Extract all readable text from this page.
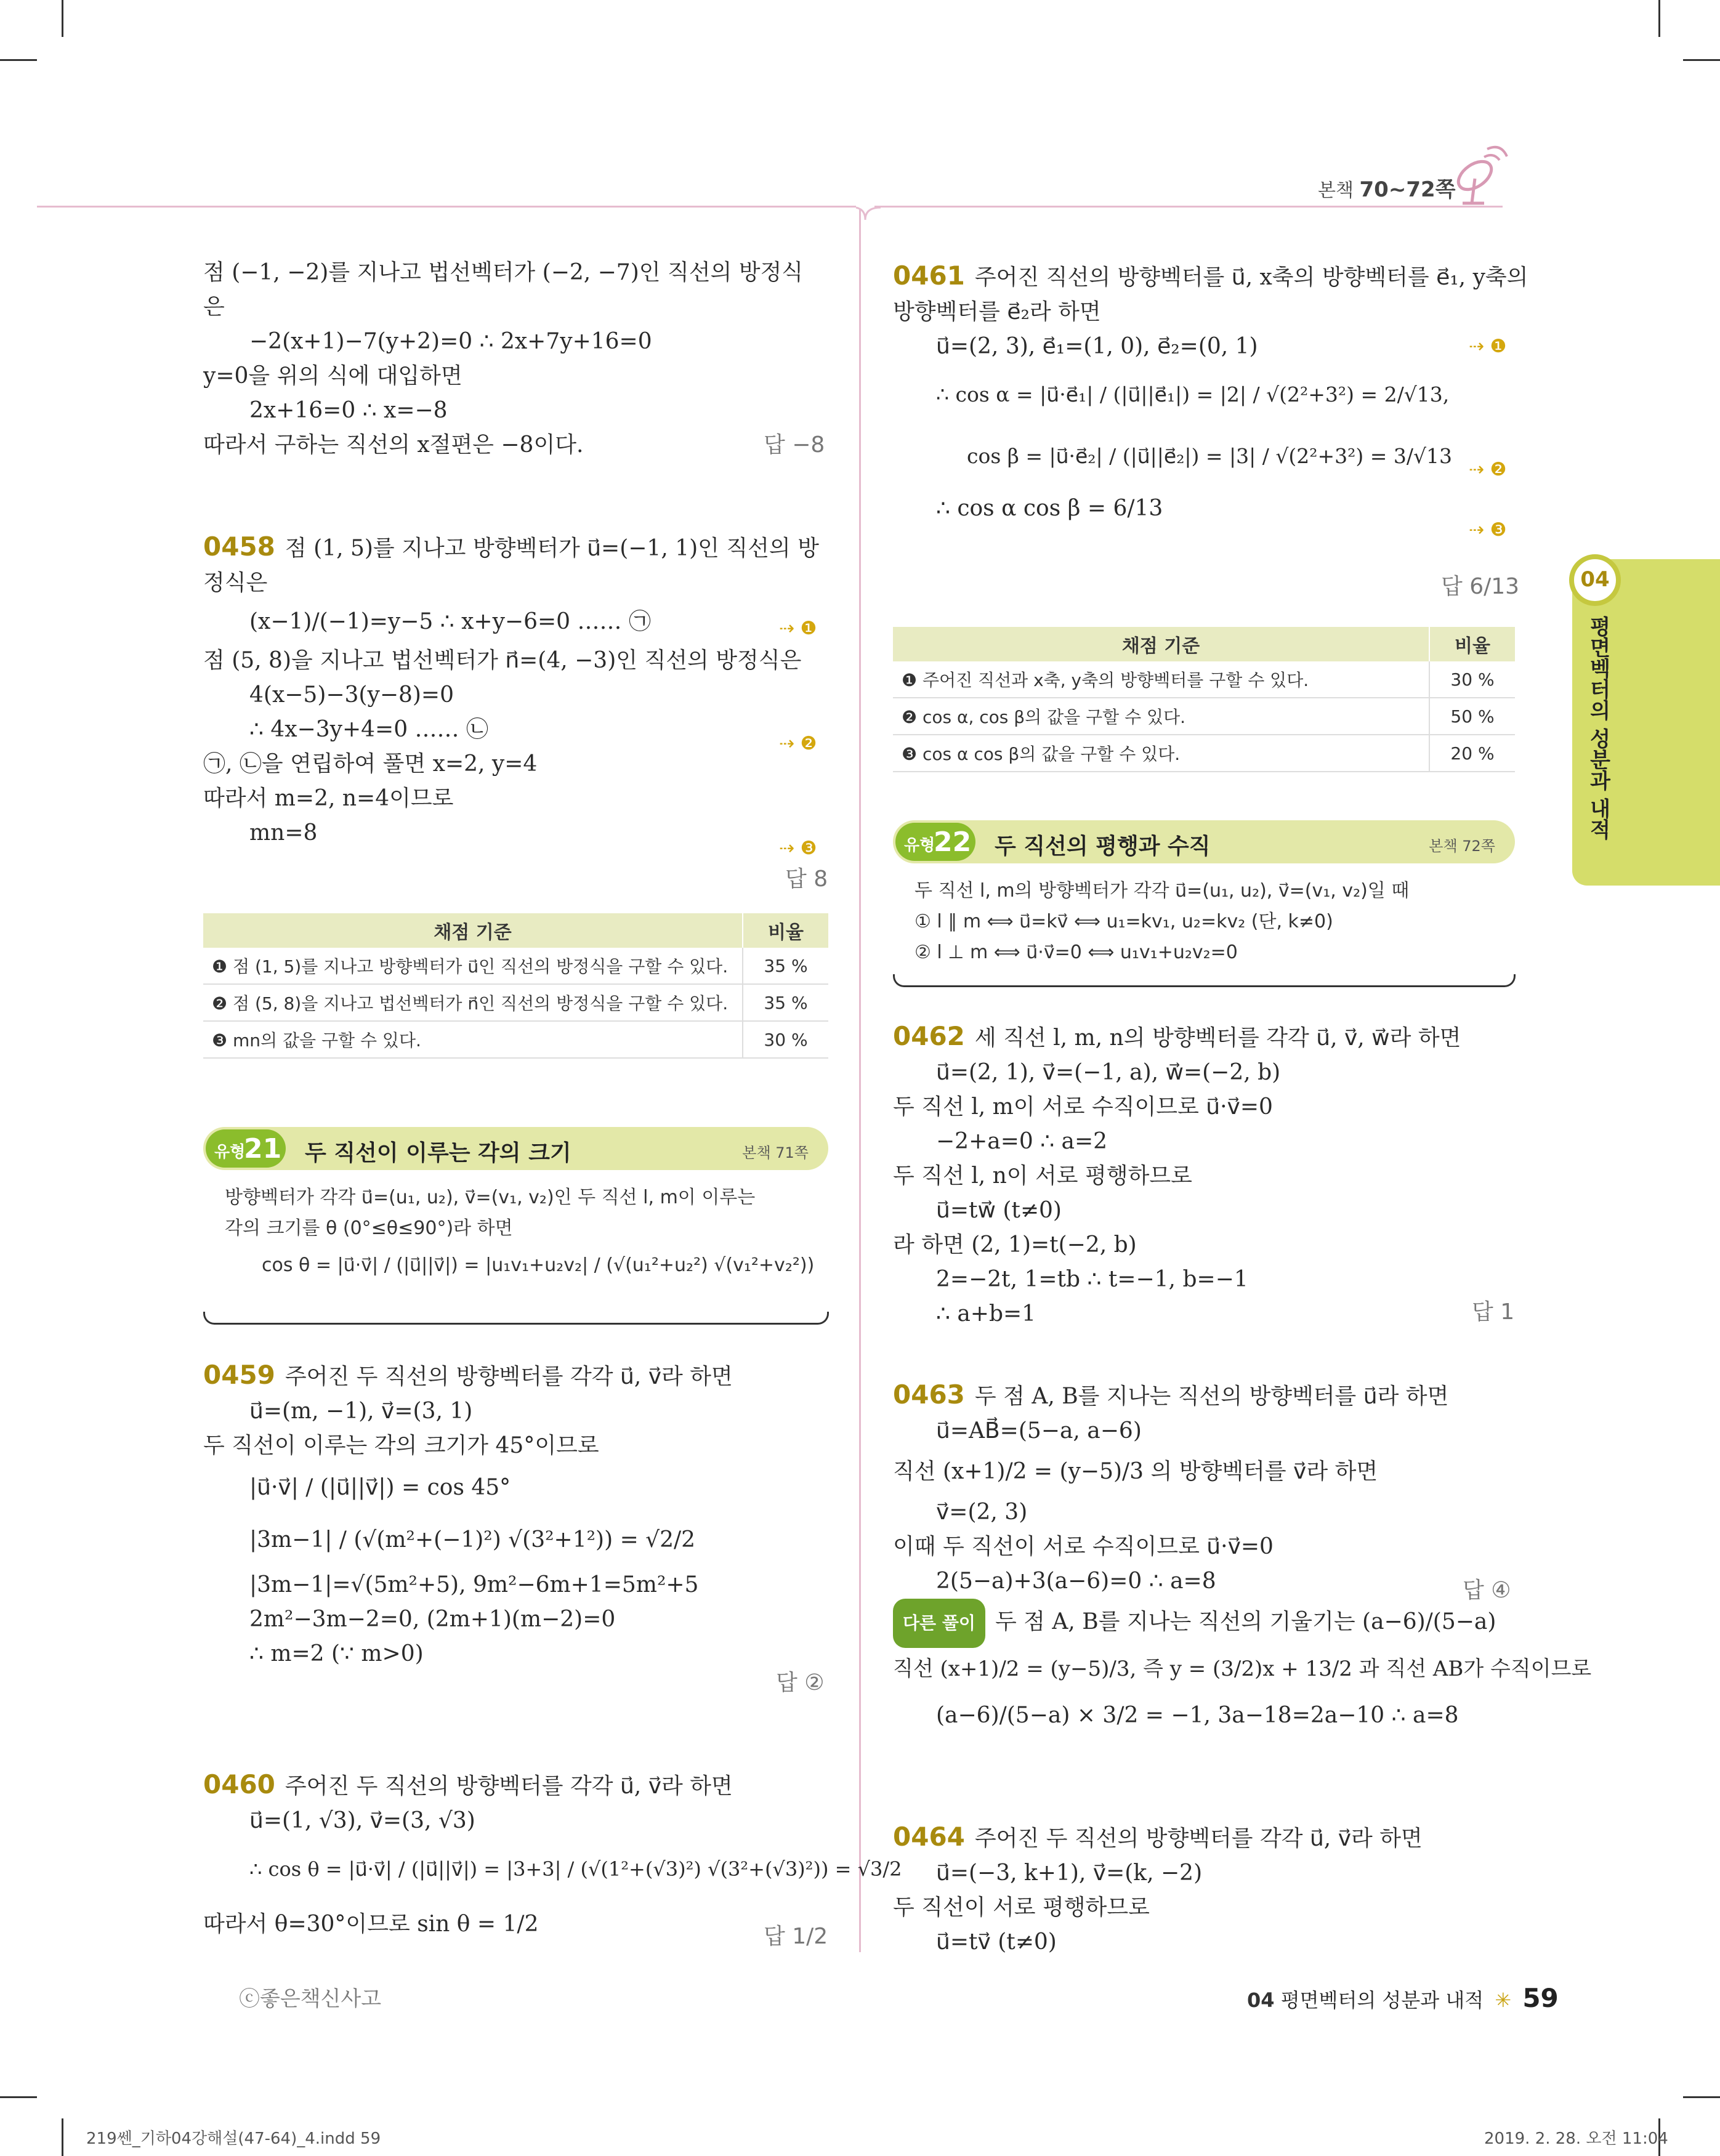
본책 70~72쪽
04
평면벡터의 성분과 내적
점 (−1, −2)를 지나고 법선벡터가 (−2, −7)인 직선의 방정식
은
−2(x+1)−7(y+2)=0 ∴ 2x+7y+16=0
y=0을 위의 식에 대입하면
2x+16=0 ∴ x=−8
따라서 구하는 직선의 x절편은 −8이다.	답 −8
0458 점 (1, 5)를 지나고 방향벡터가 u⃗=(−1, 1)인 직선의 방
정식은
(x−1)/(−1)=y−5 ∴ x+y−6=0 …… ㉠
점 (5, 8)을 지나고 법선벡터가 n⃗=(4, −3)인 직선의 방정식은
4(x−5)−3(y−8)=0
∴ 4x−3y+4=0 …… ㉡
㉠, ㉡을 연립하여 풀면 x=2, y=4
따라서 m=2, n=4이므로
mn=8
⇢ ❶
⇢ ❷
⇢ ❸
답 8
채점 기준	비율
❶ 점 (1, 5)를 지나고 방향벡터가 u⃗인 직선의 방정식을 구할 수 있다.	35 %
❷ 점 (5, 8)을 지나고 법선벡터가 n⃗인 직선의 방정식을 구할 수 있다.	35 %
❸ mn의 값을 구할 수 있다.	30 %
유형
21 두 직선이 이루는 각의 크기	본책 71쪽
방향벡터가 각각 u⃗=(u₁, u₂), v⃗=(v₁, v₂)인 두 직선 l, m이 이루는
각의 크기를 θ (0°≤θ≤90°)라 하면
cos θ = |u⃗·v⃗| / (|u⃗||v⃗|) = |u₁v₁+u₂v₂| / (√(u₁²+u₂²) √(v₁²+v₂²))
0459 주어진 두 직선의 방향벡터를 각각 u⃗, v⃗라 하면
u⃗=(m, −1), v⃗=(3, 1)
두 직선이 이루는 각의 크기가 45°이므로
|u⃗·v⃗| / (|u⃗||v⃗|) = cos 45°
|3m−1| / (√(m²+(−1)²) √(3²+1²)) = √2/2
|3m−1|=√(5m²+5), 9m²−6m+1=5m²+5
2m²−3m−2=0, (2m+1)(m−2)=0
∴ m=2 (∵ m>0)
답 ②
0460 주어진 두 직선의 방향벡터를 각각 u⃗, v⃗라 하면
u⃗=(1, √3), v⃗=(3, √3)
∴ cos θ = |u⃗·v⃗| / (|u⃗||v⃗|) = |3+3| / (√(1²+(√3)²) √(3²+(√3)²)) = √3/2
따라서 θ=30°이므로 sin θ = 1/2	답 1/2
ⓒ좋은책신사고
0461 주어진 직선의 방향벡터를 u⃗, x축의 방향벡터를 e⃗₁, y축의
방향벡터를 e⃗₂라 하면
u⃗=(2, 3), e⃗₁=(1, 0), e⃗₂=(0, 1)
∴ cos α = |u⃗·e⃗₁| / (|u⃗||e⃗₁|) = |2| / √(2²+3²) = 2/√13,
cos β = |u⃗·e⃗₂| / (|u⃗||e⃗₂|) = |3| / √(2²+3²) = 3/√13
∴ cos α cos β = 6/13
⇢ ❶
⇢ ❷
⇢ ❸
답 6/13
채점 기준	비율
❶ 주어진 직선과 x축, y축의 방향벡터를 구할 수 있다.	30 %
❷ cos α, cos β의 값을 구할 수 있다.	50 %
❸ cos α cos β의 값을 구할 수 있다.	20 %
유형
22 두 직선의 평행과 수직	본책 72쪽
두 직선 l, m의 방향벡터가 각각 u⃗=(u₁, u₂), v⃗=(v₁, v₂)일 때
① l ∥ m ⟺ u⃗=kv⃗ ⟺ u₁=kv₁, u₂=kv₂ (단, k≠0)
② l ⊥ m ⟺ u⃗·v⃗=0 ⟺ u₁v₁+u₂v₂=0
0462 세 직선 l, m, n의 방향벡터를 각각 u⃗, v⃗, w⃗라 하면
u⃗=(2, 1), v⃗=(−1, a), w⃗=(−2, b)
두 직선 l, m이 서로 수직이므로 u⃗·v⃗=0
−2+a=0 ∴ a=2
두 직선 l, n이 서로 평행하므로
u⃗=tw⃗ (t≠0)
라 하면 (2, 1)=t(−2, b)
2=−2t, 1=tb ∴ t=−1, b=−1
∴ a+b=1	답 1
0463 두 점 A, B를 지나는 직선의 방향벡터를 u⃗라 하면
u⃗=AB⃗=(5−a, a−6)
직선 (x+1)/2 = (y−5)/3 의 방향벡터를 v⃗라 하면
v⃗=(2, 3)
이때 두 직선이 서로 수직이므로 u⃗·v⃗=0
2(5−a)+3(a−6)=0 ∴ a=8
다른 풀이 두 점 A, B를 지나는 직선의 기울기는 (a−6)/(5−a)
직선 (x+1)/2 = (y−5)/3, 즉 y = (3/2)x + 13/2 과 직선 AB가 수직이므로
(a−6)/(5−a) × 3/2 = −1, 3a−18=2a−10 ∴ a=8
답 ④
0464 주어진 두 직선의 방향벡터를 각각 u⃗, v⃗라 하면
u⃗=(−3, k+1), v⃗=(k, −2)
두 직선이 서로 평행하므로
u⃗=tv⃗ (t≠0)
04 평면벡터의 성분과 내적 ✳ 59
219쎈_기하04강해설(47-64)_4.indd 59	2019. 2. 28. 오전 11:04
